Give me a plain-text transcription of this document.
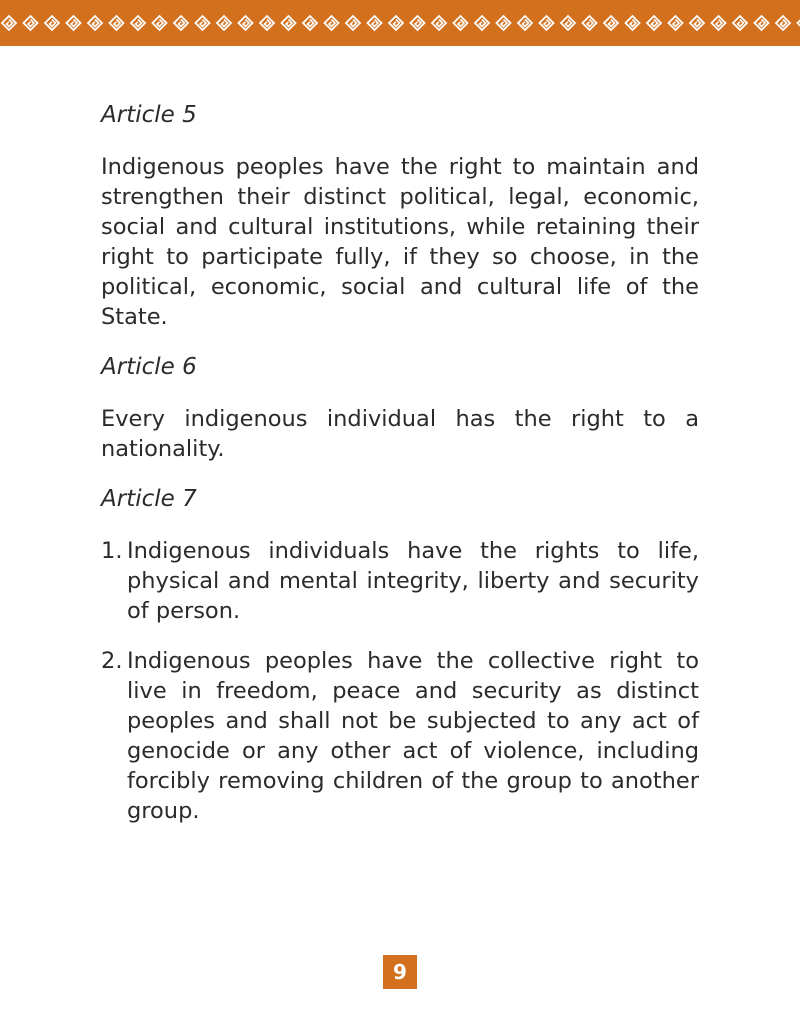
Article 5

Indigenous peoples have the right to maintain and strengthen their distinct political, legal, economic, social and cultural institutions, while retaining their right to participate fully, if they so choose, in the political, economic, social and cultural life of the State.

Article 6

Every indigenous individual has the right to a nationality.

Article 7
1. Indigenous individuals have the rights to life, physical and mental integrity, liberty and security of person.
2. Indigenous peoples have the collective right to live in freedom, peace and security as distinct peoples and shall not be subjected to any act of genocide or any other act of violence, including forcibly removing children of the group to another group.
9
